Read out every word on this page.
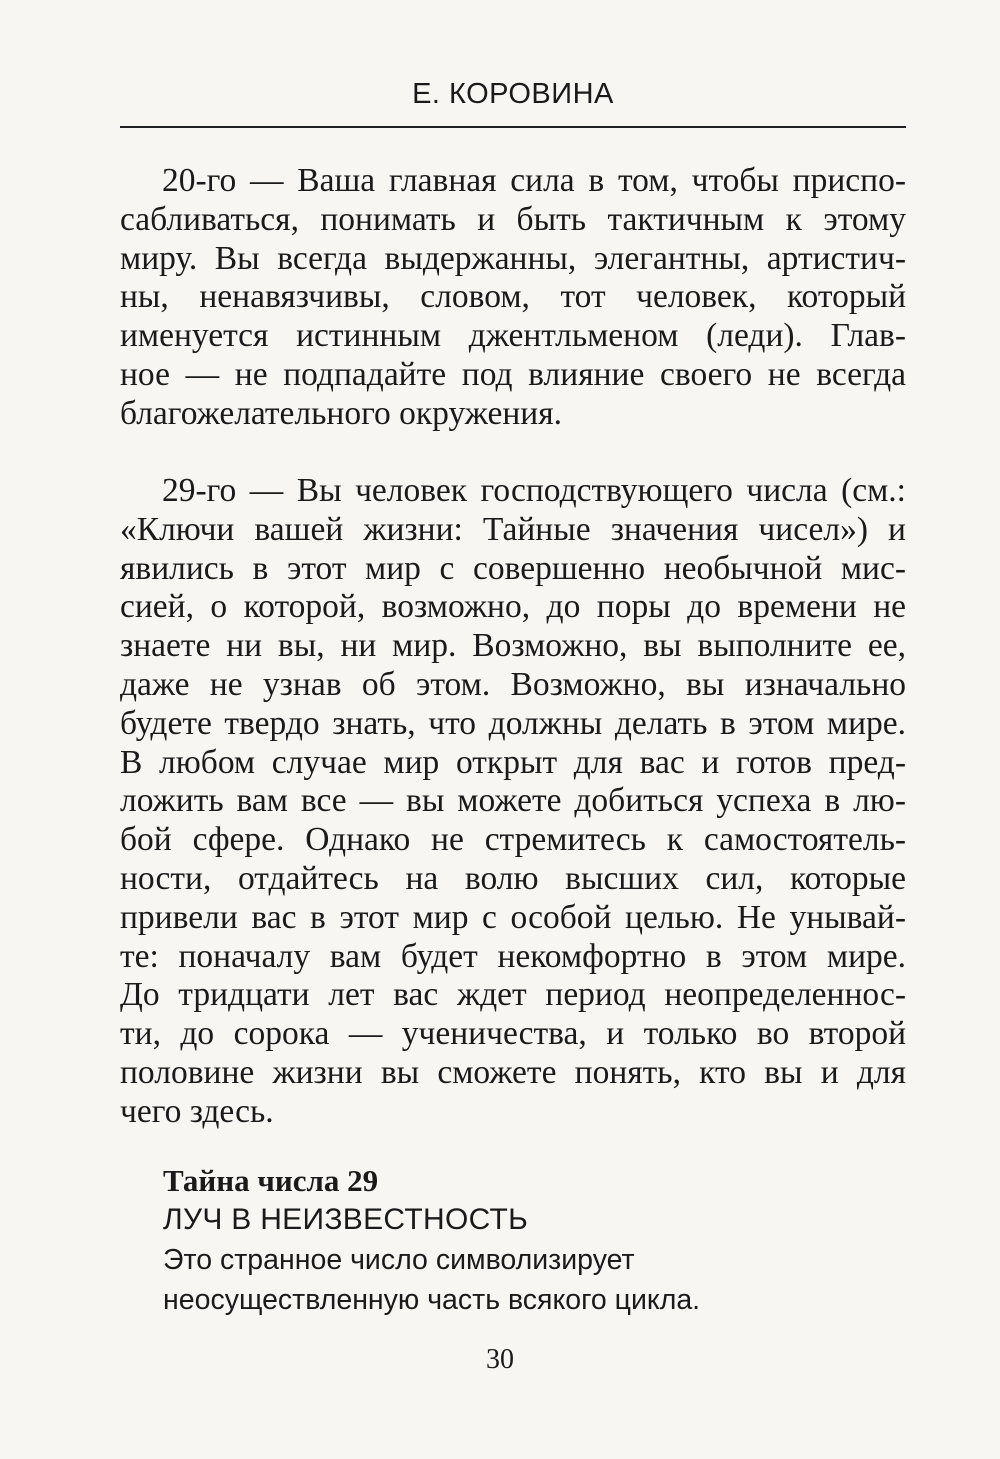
Е. КОРОВИНА
20-го — Ваша главная сила в том, чтобы приспо-
сабливаться, понимать и быть тактичным к этому
миру. Вы всегда выдержанны, элегантны, артистич-
ны, ненавязчивы, словом, тот человек, который
именуется истинным джентльменом (леди). Глав-
ное — не подпадайте под влияние своего не всегда
благожелательного окружения.
29-го — Вы человек господствующего числа (см.:
«Ключи вашей жизни: Тайные значения чисел») и
явились в этот мир с совершенно необычной мис-
сией, о которой, возможно, до поры до времени не
знаете ни вы, ни мир. Возможно, вы выполните ее,
даже не узнав об этом. Возможно, вы изначально
будете твердо знать, что должны делать в этом мире.
В любом случае мир открыт для вас и готов пред-
ложить вам все — вы можете добиться успеха в лю-
бой сфере. Однако не стремитесь к самостоятель-
ности, отдайтесь на волю высших сил, которые
привели вас в этот мир с особой целью. Не унывай-
те: поначалу вам будет некомфортно в этом мире.
До тридцати лет вас ждет период неопределеннос-
ти, до сорока — ученичества, и только во второй
половине жизни вы сможете понять, кто вы и для
чего здесь.
Тайна числа 29
ЛУЧ В НЕИЗВЕСТНОСТЬ
Это странное число символизирует
неосуществленную часть всякого цикла.
30
